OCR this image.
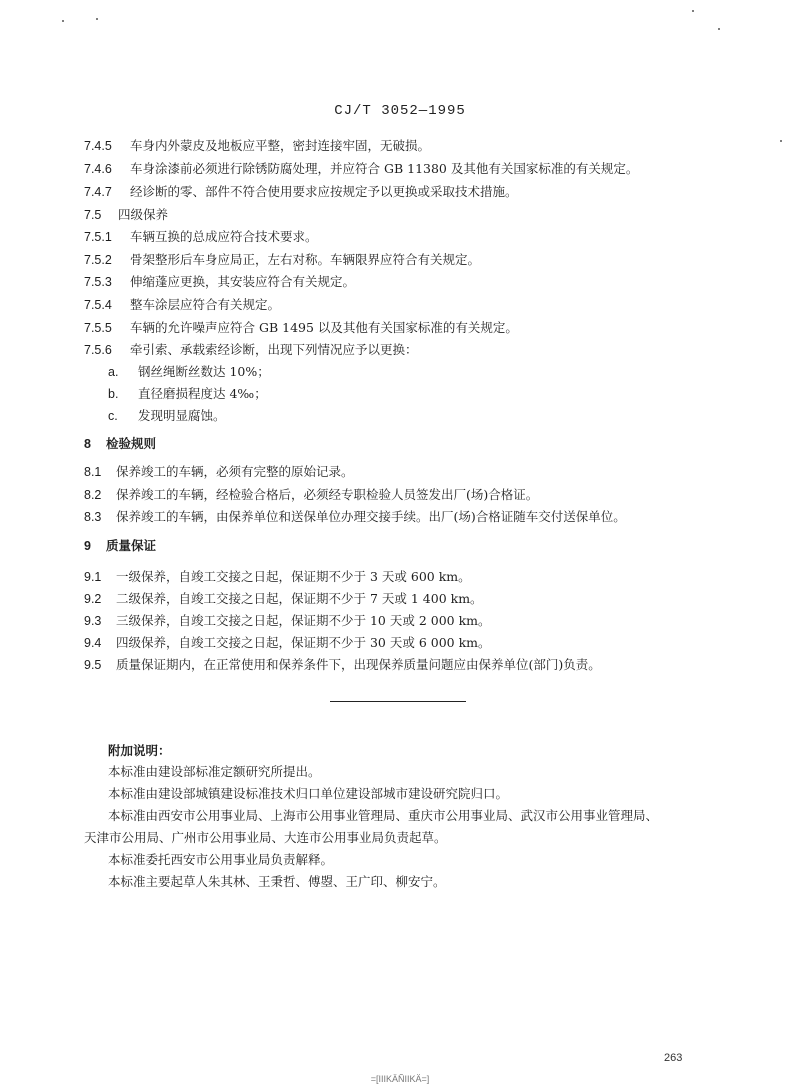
CJ/T 3052—1995
7.4.5 车身内外蒙皮及地板应平整，密封连接牢固，无破损。
7.4.6 车身涂漆前必须进行除锈防腐处理，并应符合 GB 11380 及其他有关国家标准的有关规定。
7.4.7 经诊断的零、部件不符合使用要求应按规定予以更换或采取技术措施。
7.5 四级保养
7.5.1 车辆互换的总成应符合技术要求。
7.5.2 骨架整形后车身应局正，左右对称。车辆限界应符合有关规定。
7.5.3 伸缩蓬应更换，其安装应符合有关规定。
7.5.4 整车涂层应符合有关规定。
7.5.5 车辆的允许噪声应符合 GB 1495 以及其他有关国家标准的有关规定。
7.5.6 牵引索、承载索经诊断，出现下列情况应予以更换：
a. 钢丝绳断丝数达 10%；
b. 直径磨损程度达 4‰；
c. 发现明显腐蚀。
8 检验规则
8.1 保养竣工的车辆，必须有完整的原始记录。
8.2 保养竣工的车辆，经检验合格后，必须经专职检验人员签发出厂(场)合格证。
8.3 保养竣工的车辆，由保养单位和送保单位办理交接手续。出厂(场)合格证随车交付送保单位。
9 质量保证
9.1 一级保养，自竣工交接之日起，保证期不少于 3 天或 600 km。
9.2 二级保养，自竣工交接之日起，保证期不少于 7 天或 1 400 km。
9.3 三级保养，自竣工交接之日起，保证期不少于 10 天或 2 000 km。
9.4 四级保养，自竣工交接之日起，保证期不少于 30 天或 6 000 km。
9.5 质量保证期内，在正常使用和保养条件下，出现保养质量问题应由保养单位(部门)负责。
附加说明：
本标准由建设部标准定额研究所提出。
本标准由建设部城镇建设标准技术归口单位建设部城市建设研究院归口。
本标准由西安市公用事业局、上海市公用事业管理局、重庆市公用事业局、武汉市公用事业管理局、
天津市公用局、广州市公用事业局、大连市公用事业局负责起草。
本标准委托西安市公用事业局负责解释。
本标准主要起草人朱其林、王秉哲、傅曌、王广印、柳安宁。
263
=[IIIKÄÑIIKÄ=]
